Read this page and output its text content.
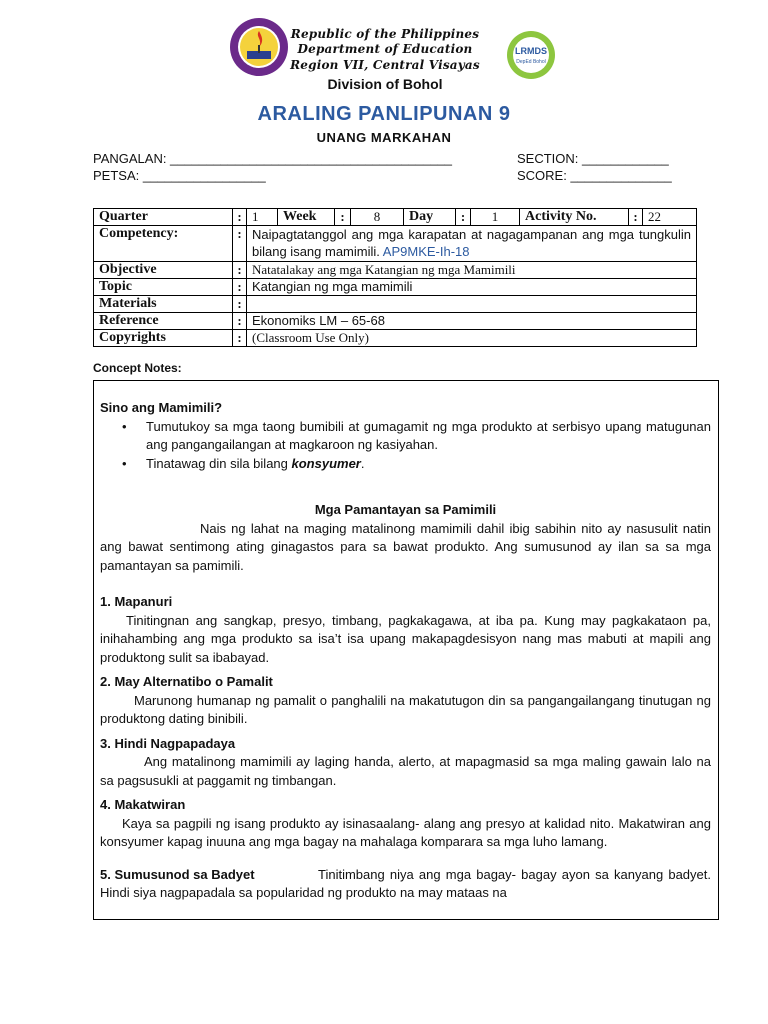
LRMDS
DepEd Bohol
Republic of the Philippines
Department of Education
Region VII, Central Visayas
Division of Bohol
ARALING PANLIPUNAN 9
UNANG MARKAHAN
PANGALAN: _______________________________________	SECTION: ____________
PETSA: _________________	SCORE: ______________
Quarter	:	1	Week	:	8	Day	:	1	Activity No.	:	22
Competency:	:	Naipagtatanggol ang mga karapatan at nagagampanan ang mga tungkulin bilang isang mamimili. AP9MKE-Ih-18									
Objective	:	Natatalakay ang mga Katangian ng mga Mamimili									
Topic	:	Katangian ng mga mamimili									
Materials	:										
Reference	:	Ekonomiks LM – 65-68									
Copyrights	:	(Classroom Use Only)									
Concept Notes:

Sino ang Mamimili?

• Tumutukoy sa mga taong bumibili at gumagamit ng mga produkto at serbisyo upang matugunan ang pangangailangan at magkaroon ng kasiyahan.
• Tinatawag din sila bilang konsyumer.

Mga Pamantayan sa Pamimili

Nais ng lahat na maging matalinong mamimili dahil ibig sabihin nito ay nasusulit natin ang bawat sentimong ating ginagastos para sa bawat produkto. Ang sumusunod ay ilan sa sa mga pamantayan sa pamimili.

1. Mapanuri

Tinitingnan ang sangkap, presyo, timbang, pagkakagawa, at iba pa. Kung may pagkakataon pa, inihahambing ang mga produkto sa isa’t isa upang makapagdesisyon nang mas mabuti at mapili ang produktong sulit sa ibabayad.

2. May Alternatibo o Pamalit

Marunong humanap ng pamalit o panghalili na makatutugon din sa pangangailangang tinutugan ng produktong dating binibili.

3. Hindi Nagpapadaya

Ang matalinong mamimili ay laging handa, alerto, at mapagmasid sa mga maling gawain lalo na sa pagsusukli at paggamit ng timbangan.

4. Makatwiran

Kaya sa pagpili ng isang produkto ay isinasaalang- alang ang presyo at kalidad nito. Makatwiran ang konsyumer kapag inuuna ang mga bagay na mahalaga komparara sa mga luho lamang.

5. Sumusunod sa Badyet	Tinitimbang niya ang mga bagay- bagay ayon sa kanyang badyet. Hindi siya nagpapadala sa popularidad ng produkto na may mataas na
